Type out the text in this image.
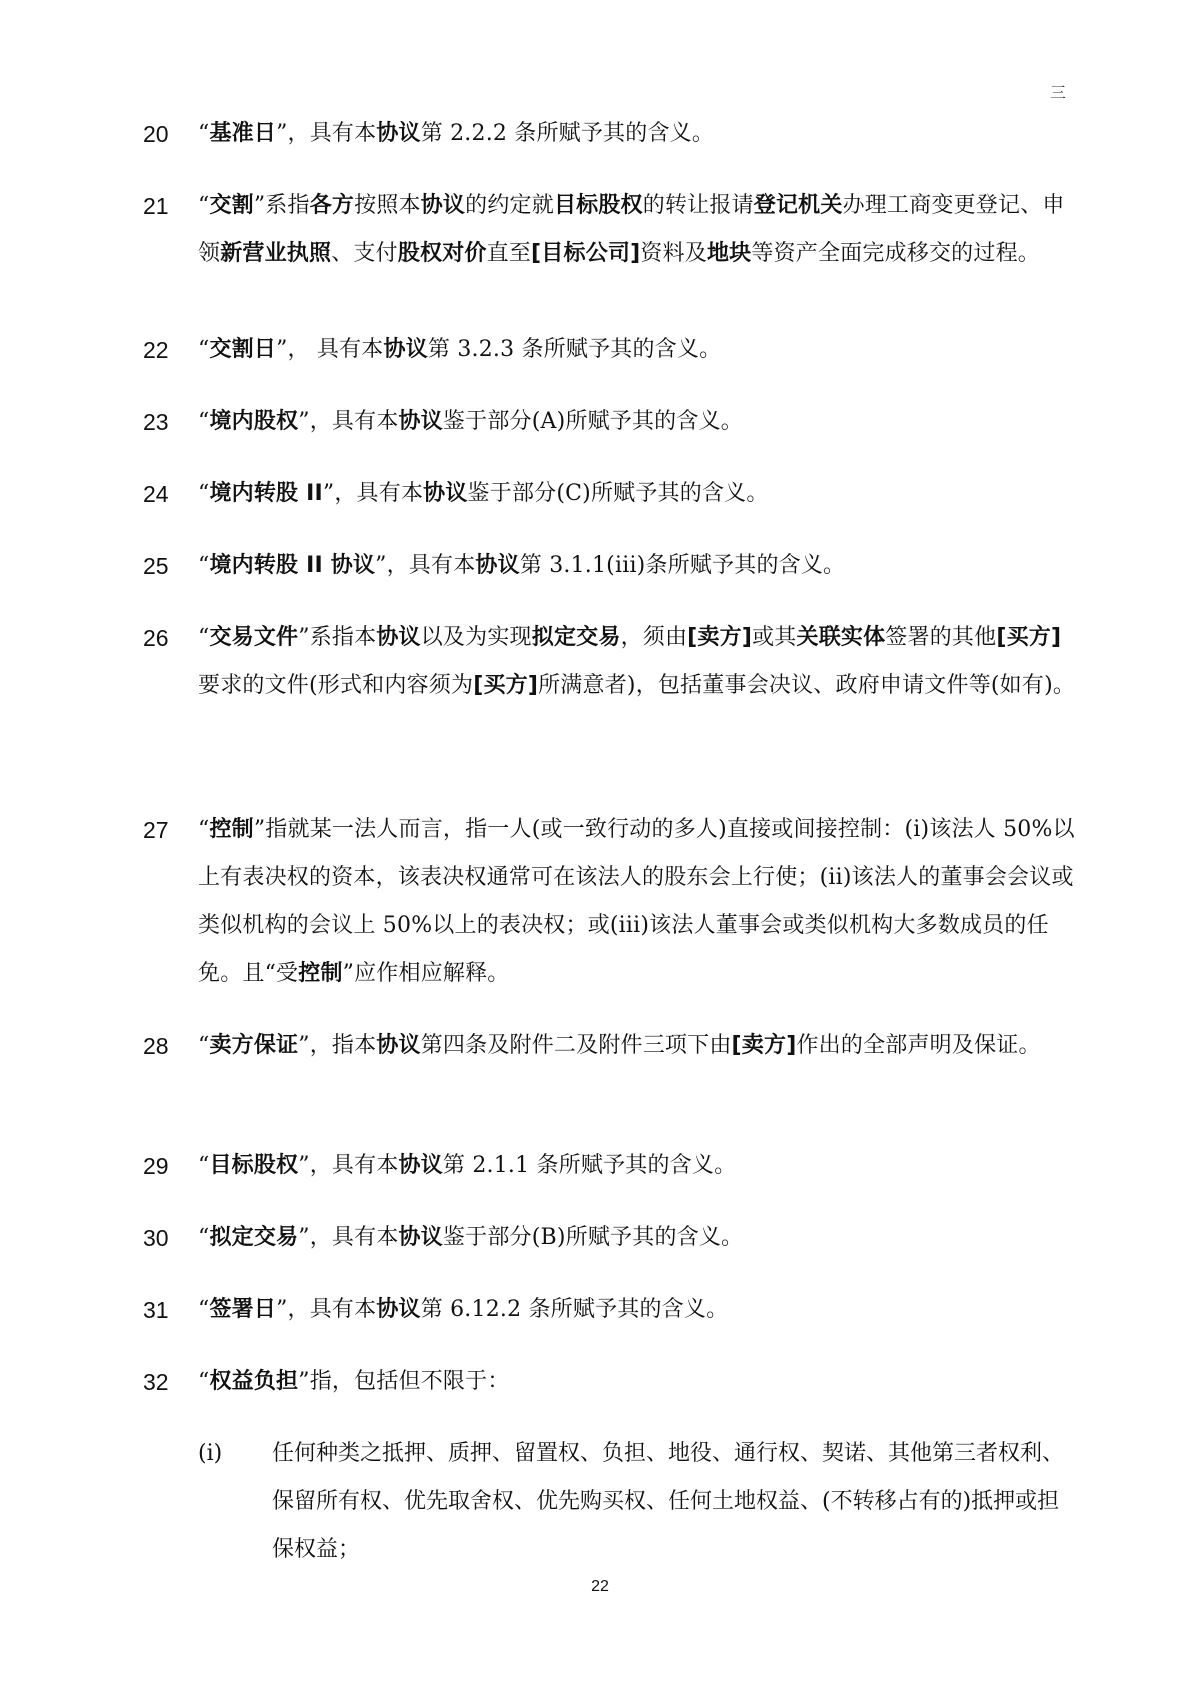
三
20 “基准日”，具有本协议第 2.2.2 条所赋予其的含义。
21 “交割”系指各方按照本协议的约定就目标股权的转让报请登记机关办理工商变更登记、申领新营业执照、支付股权对价直至[目标公司]资料及地块等资产全面完成移交的过程。
22 “交割日”， 具有本协议第 3.2.3 条所赋予其的含义。
23 “境内股权”，具有本协议鉴于部分(A)所赋予其的含义。
24 “境内转股 II”，具有本协议鉴于部分(C)所赋予其的含义。
25 “境内转股 II 协议”，具有本协议第 3.1.1(iii)条所赋予其的含义。
26 “交易文件”系指本协议以及为实现拟定交易，须由[卖方]或其关联实体签署的其他[买方]要求的文件(形式和内容须为[买方]所满意者)，包括董事会决议、政府申请文件等(如有)。
27 “控制”指就某一法人而言，指一人(或一致行动的多人)直接或间接控制：(i)该法人 50%以上有表决权的资本，该表决权通常可在该法人的股东会上行使；(ii)该法人的董事会会议或类似机构的会议上 50%以上的表决权；或(iii)该法人董事会或类似机构大多数成员的任免。且“受控制”应作相应解释。
28 “卖方保证”，指本协议第四条及附件二及附件三项下由[卖方]作出的全部声明及保证。
29 “目标股权”，具有本协议第 2.1.1 条所赋予其的含义。
30 “拟定交易”，具有本协议鉴于部分(B)所赋予其的含义。
31 “签署日”，具有本协议第 6.12.2 条所赋予其的含义。
32 “权益负担”指，包括但不限于：
(i) 任何种类之抵押、质押、留置权、负担、地役、通行权、契诺、其他第三者权利、保留所有权、优先取舍权、优先购买权、任何土地权益、(不转移占有的)抵押或担保权益；
22
